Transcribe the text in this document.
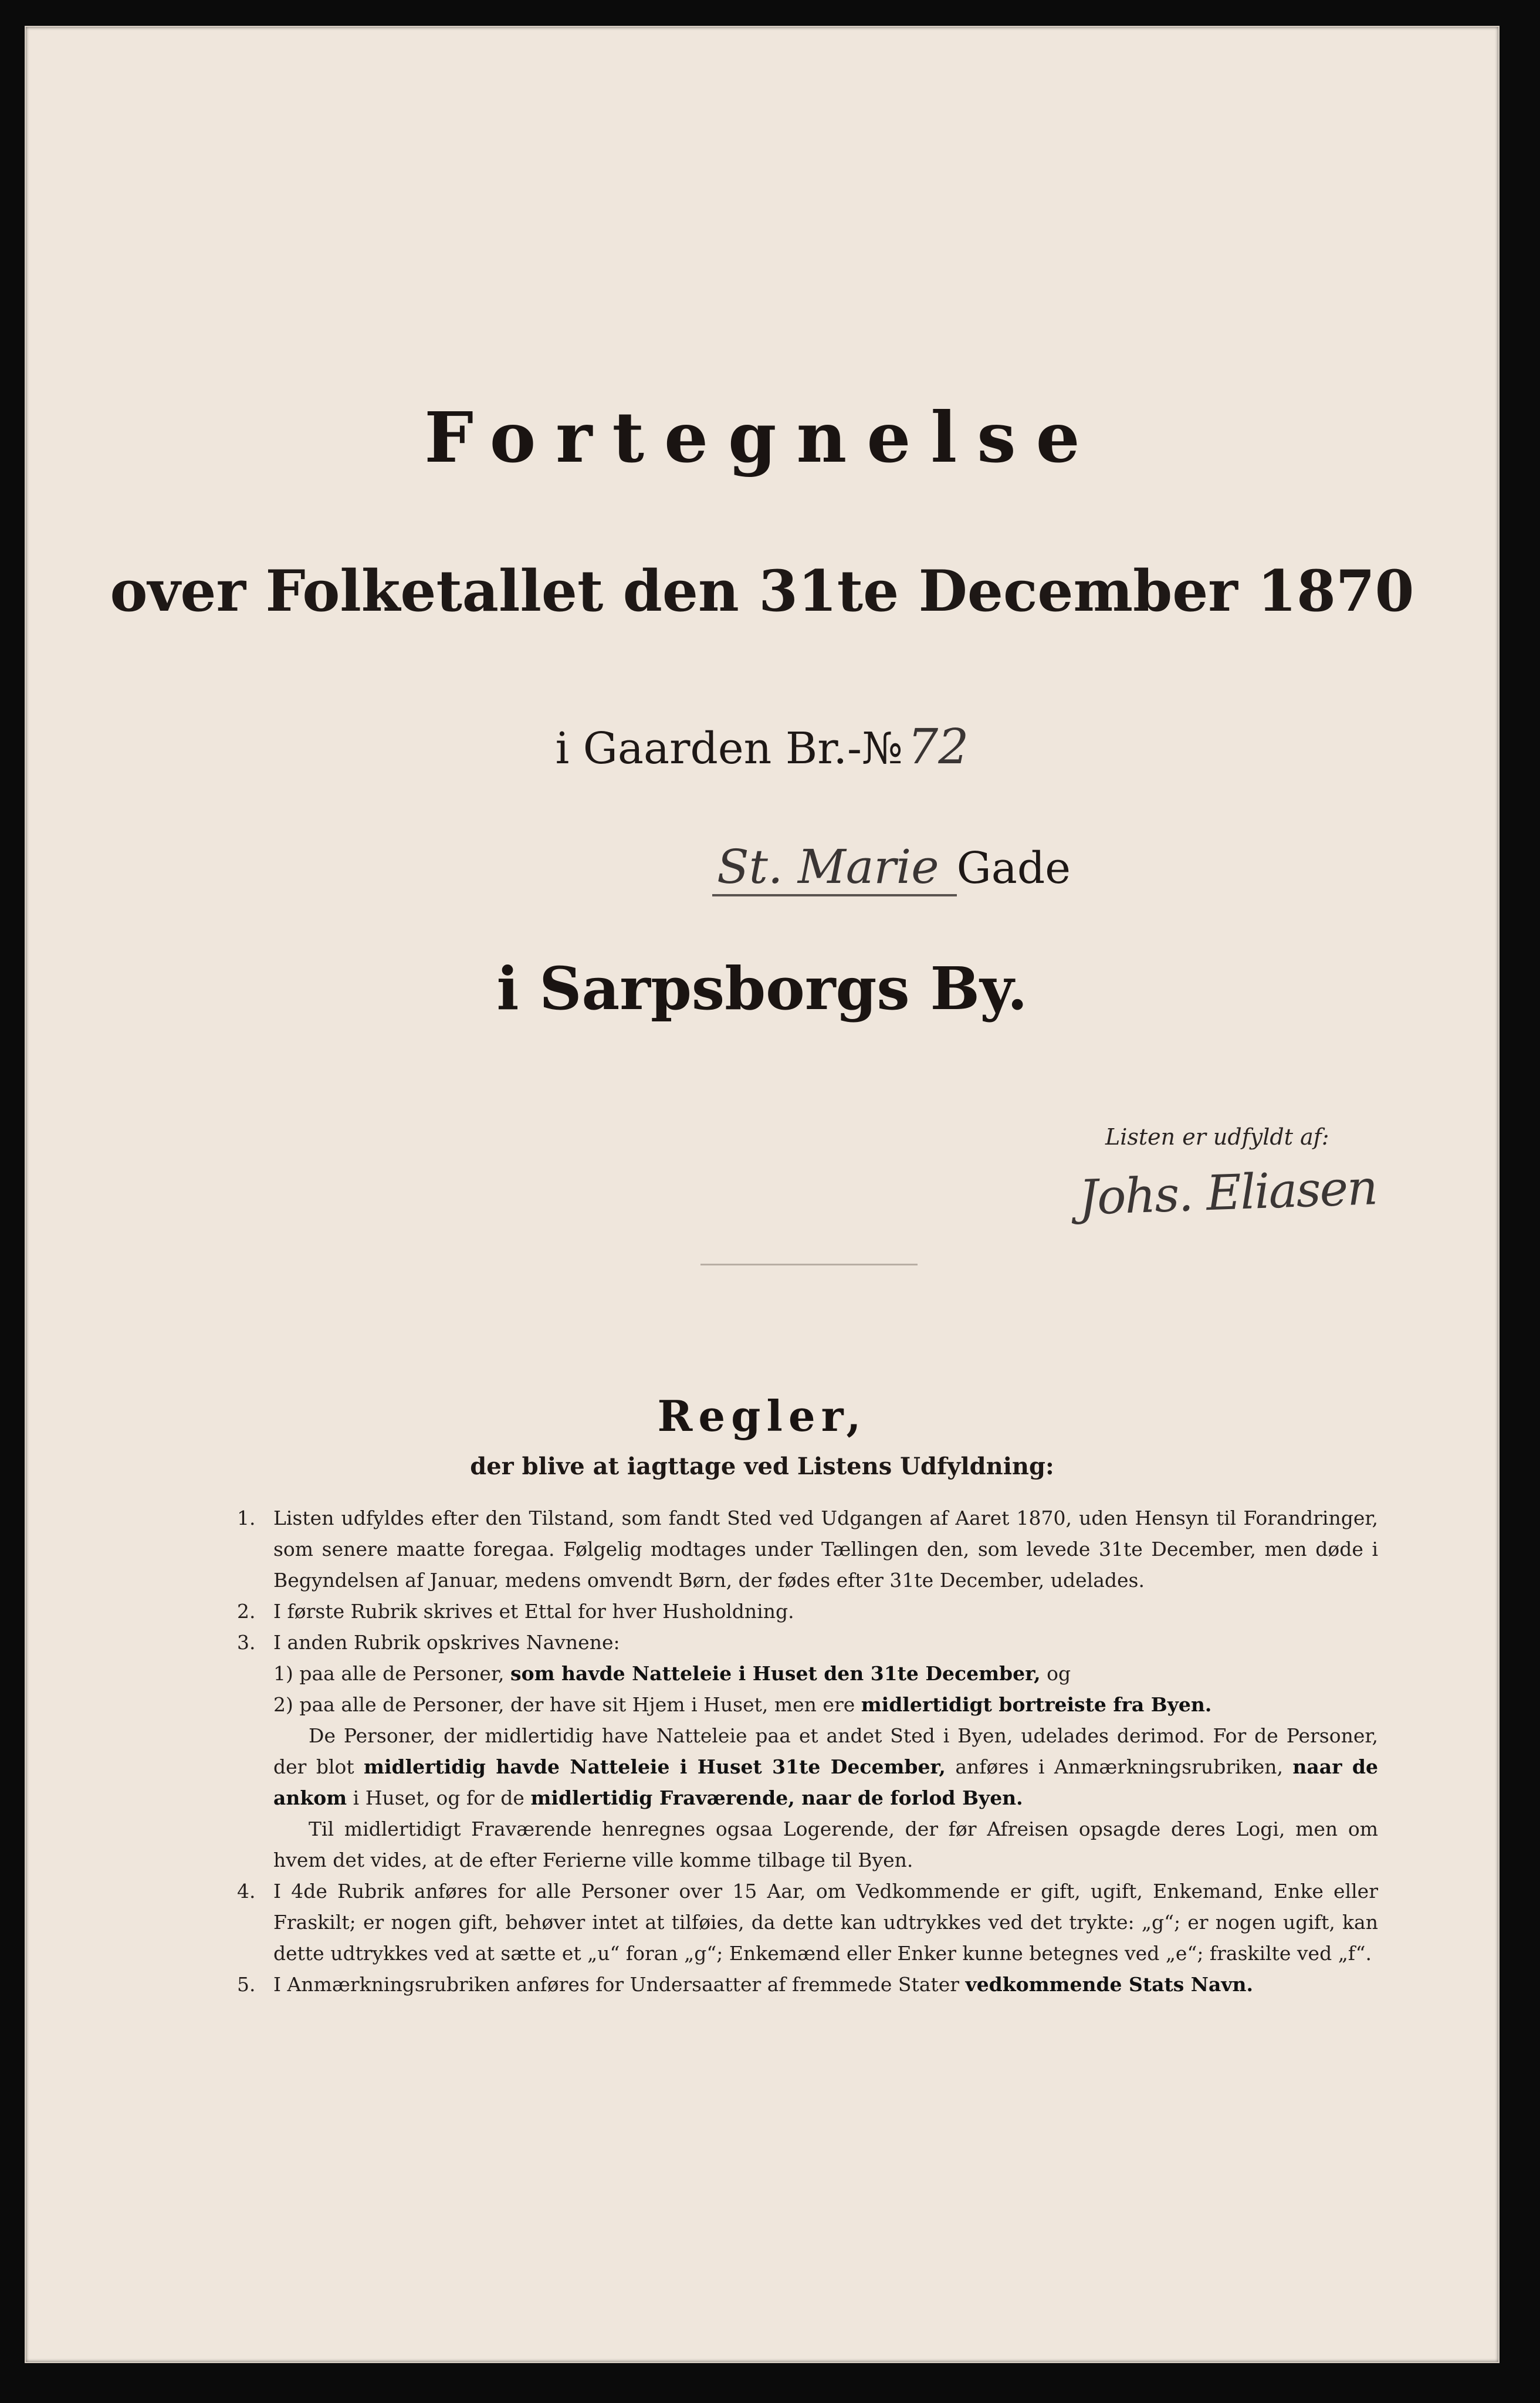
Fortegnelse
over Folketallet den 31te December 1870
i Gaarden Br.-№72
St. Marie Gade
i Sarpsborgs By.
Listen er udfyldt af:
Johs. Eliasen
Regler,
der blive at iagttage ved Listens Udfyldning:
1. Listen udfyldes efter den Tilstand, som fandt Sted ved Udgangen af Aaret 1870, uden Hensyn til Forandringer, som senere maatte foregaa. Følgelig modtages under Tællingen den, som levede 31te December, men døde i Begyndelsen af Januar, medens omvendt Børn, der fødes efter 31te December, udelades.
2. I første Rubrik skrives et Ettal for hver Husholdning.
3. I anden Rubrik opskrives Navnene:
1) paa alle de Personer, som havde Natteleie i Huset den 31te December, og
2) paa alle de Personer, der have sit Hjem i Huset, men ere midlertidigt bortreiste fra Byen.
De Personer, der midlertidig have Natteleie paa et andet Sted i Byen, udelades derimod. For de Personer, der blot midlertidig havde Natteleie i Huset 31te December, anføres i Anmærkningsrubriken, naar de ankom i Huset, og for de midlertidig Fraværende, naar de forlod Byen.
Til midlertidigt Fraværende henregnes ogsaa Logerende, der før Afreisen opsagde deres Logi, men om hvem det vides, at de efter Ferierne ville komme tilbage til Byen.
4. I 4de Rubrik anføres for alle Personer over 15 Aar, om Vedkommende er gift, ugift, Enkemand, Enke eller Fraskilt; er nogen gift, behøver intet at tilføies, da dette kan udtrykkes ved det trykte: „g“; er nogen ugift, kan dette udtrykkes ved at sætte et „u“ foran „g“; Enkemænd eller Enker kunne betegnes ved „e“; fraskilte ved „f“.
5. I Anmærkningsrubriken anføres for Undersaatter af fremmede Stater vedkommende Stats Navn.
